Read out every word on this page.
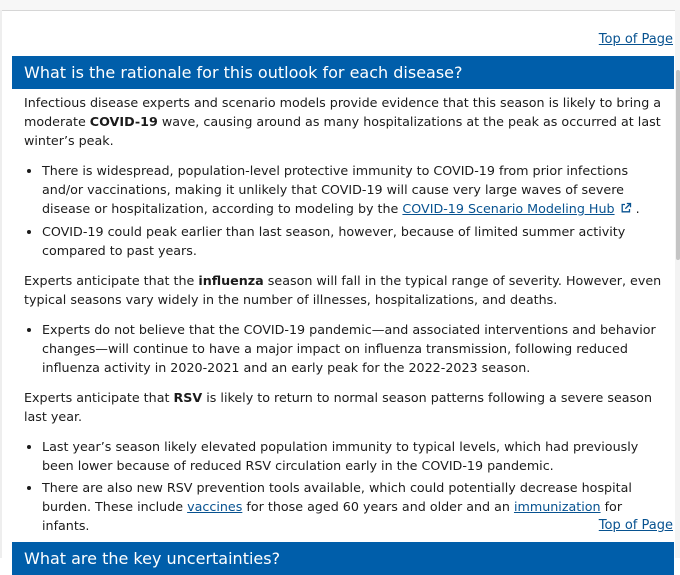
Top of Page
What is the rationale for this outlook for each disease?

Infectious disease experts and scenario models provide evidence that this season is likely to bring a moderate COVID-19 wave, causing around as many hospitalizations at the peak as occurred at last winter’s peak.

• There is widespread, population-level protective immunity to COVID-19 from prior infections and/or vaccinations, making it unlikely that COVID-19 will cause very large waves of severe disease or hospitalization, according to modeling by the COVID-19 Scenario Modeling Hub .
• COVID-19 could peak earlier than last season, however, because of limited summer activity compared to past years.

Experts anticipate that the influenza season will fall in the typical range of severity. However, even typical seasons vary widely in the number of illnesses, hospitalizations, and deaths.

• Experts do not believe that the COVID-19 pandemic—and associated interventions and behavior changes—will continue to have a major impact on influenza transmission, following reduced influenza activity in 2020-2021 and an early peak for the 2022-2023 season.

Experts anticipate that RSV is likely to return to normal season patterns following a severe season last year.

• Last year’s season likely elevated population immunity to typical levels, which had previously been lower because of reduced RSV circulation early in the COVID-19 pandemic.
• There are also new RSV prevention tools available, which could potentially decrease hospital burden. These include vaccines for those aged 60 years and older and an immunization for infants.	Top of Page
What are the key uncertainties?
